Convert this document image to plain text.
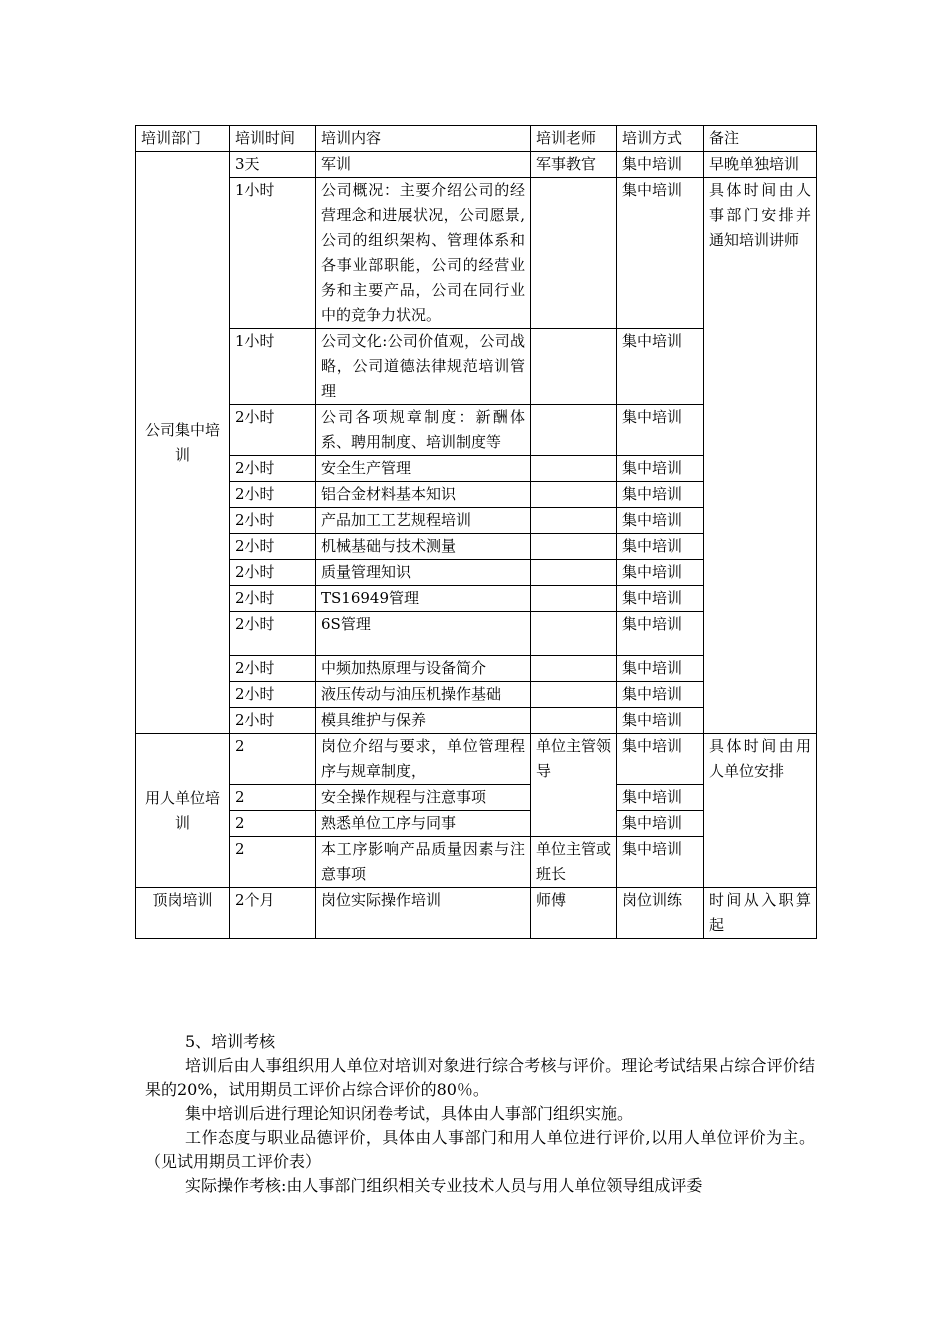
培训部门	培训时间	培训内容	培训老师	培训方式	备注
公司集中培训	3天	军训	军事教官	集中培训	早晚单独培训
	1小时	公司概况：主要介绍公司的经营理念和进展状况，公司愿景,公司的组织架构、管理体系和各事业部职能，公司的经营业务和主要产品，公司在同行业中的竞争力状况。		集中培训	具体时间由人事部门安排并通知培训讲师
	1小时	公司文化:公司价值观，公司战略，公司道德法律规范培训管理		集中培训	
	2小时	公司各项规章制度：新酬体系、聘用制度、培训制度等		集中培训	
	2小时	安全生产管理		集中培训	
	2小时	铝合金材料基本知识		集中培训	
	2小时	产品加工工艺规程培训		集中培训	
	2小时	机械基础与技术测量		集中培训	
	2小时	质量管理知识		集中培训	
	2小时	TS16949管理		集中培训	
	2小时	6S管理		集中培训	
	2小时	中频加热原理与设备简介		集中培训	
	2小时	液压传动与油压机操作基础		集中培训	
	2小时	模具维护与保养		集中培训	
用人单位培训	2	岗位介绍与要求，单位管理程序与规章制度，	单位主管领导	集中培训	具体时间由用人单位安排
	2	安全操作规程与注意事项		集中培训	
	2	熟悉单位工序与同事		集中培训	
	2	本工序影响产品质量因素与注意事项	单位主管或班长	集中培训	
顶岗培训	2个月	岗位实际操作培训	师傅	岗位训练	时间从入职算起

5、培训考核

培训后由人事组织用人单位对培训对象进行综合考核与评价。理论考试结果占综合评价结果的20%，试用期员工评价占综合评价的80％。

集中培训后进行理论知识闭卷考试，具体由人事部门组织实施。

工作态度与职业品德评价，具体由人事部门和用人单位进行评价,以用人单位评价为主。（见试用期员工评价表）

实际操作考核:由人事部门组织相关专业技术人员与用人单位领导组成评委
